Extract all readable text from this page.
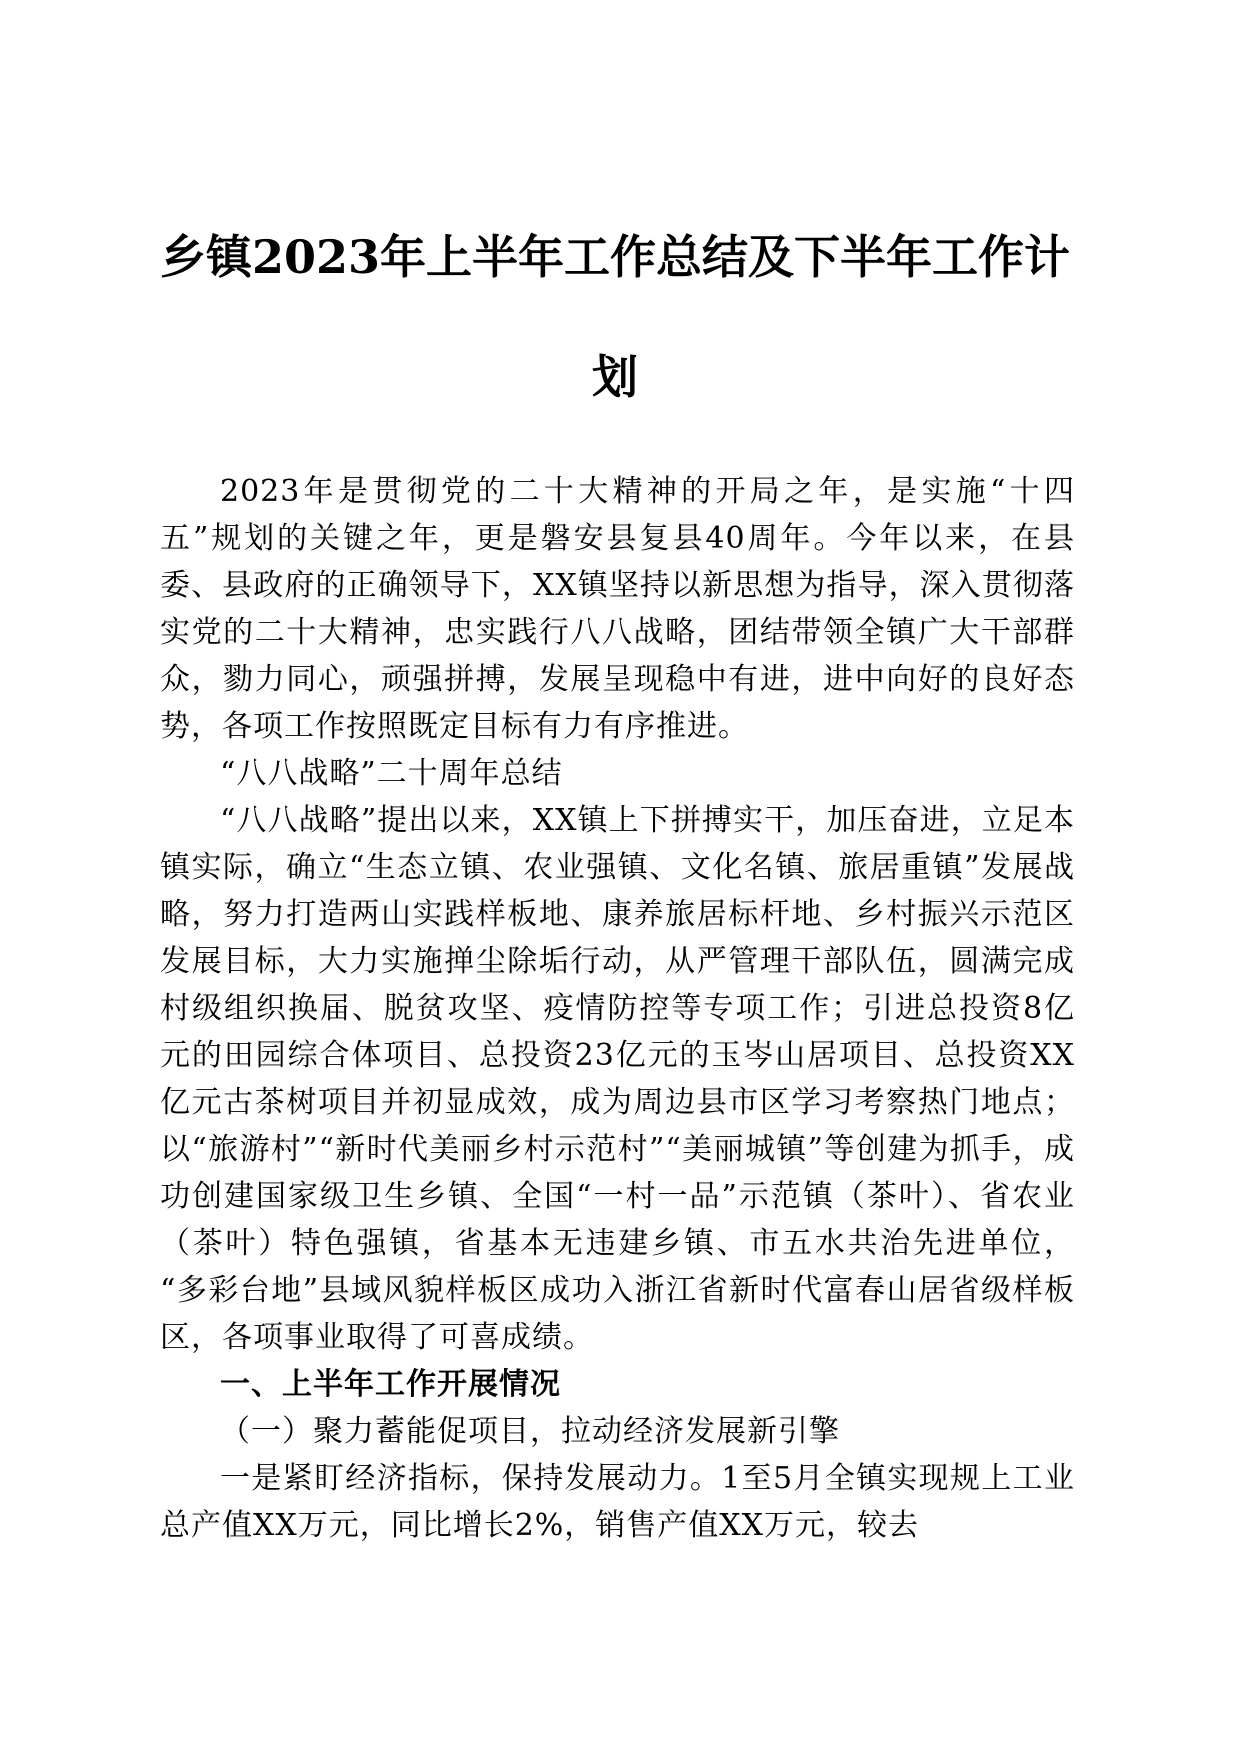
乡镇2023年上半年工作总结及下半年工作计
划

2023年是贯彻党的二十大精神的开局之年，是实施“十四五”规划的关键之年，更是磐安县复县40周年。今年以来，在县委、县政府的正确领导下，XX镇坚持以新思想为指导，深入贯彻落实党的二十大精神，忠实践行八八战略，团结带领全镇广大干部群众，勠力同心，顽强拼搏，发展呈现稳中有进，进中向好的良好态势，各项工作按照既定目标有力有序推进。

“八八战略”二十周年总结

“八八战略”提出以来，XX镇上下拼搏实干，加压奋进，立足本镇实际，确立“生态立镇、农业强镇、文化名镇、旅居重镇”发展战略，努力打造两山实践样板地、康养旅居标杆地、乡村振兴示范区发展目标，大力实施掸尘除垢行动，从严管理干部队伍，圆满完成村级组织换届、脱贫攻坚、疫情防控等专项工作；引进总投资8亿元的田园综合体项目、总投资23亿元的玉岑山居项目、总投资XX亿元古茶树项目并初显成效，成为周边县市区学习考察热门地点；以“旅游村”“新时代美丽乡村示范村”“美丽城镇”等创建为抓手，成功创建国家级卫生乡镇、全国“一村一品”示范镇（茶叶）、省农业（茶叶）特色强镇，省基本无违建乡镇、市五水共治先进单位， “多彩台地”县域风貌样板区成功入浙江省新时代富春山居省级样板区，各项事业取得了可喜成绩。

一、上半年工作开展情况

（一）聚力蓄能促项目，拉动经济发展新引擎

一是紧盯经济指标，保持发展动力。1至5月全镇实现规上工业总产值XX万元，同比增长2%，销售产值XX万元，较去
